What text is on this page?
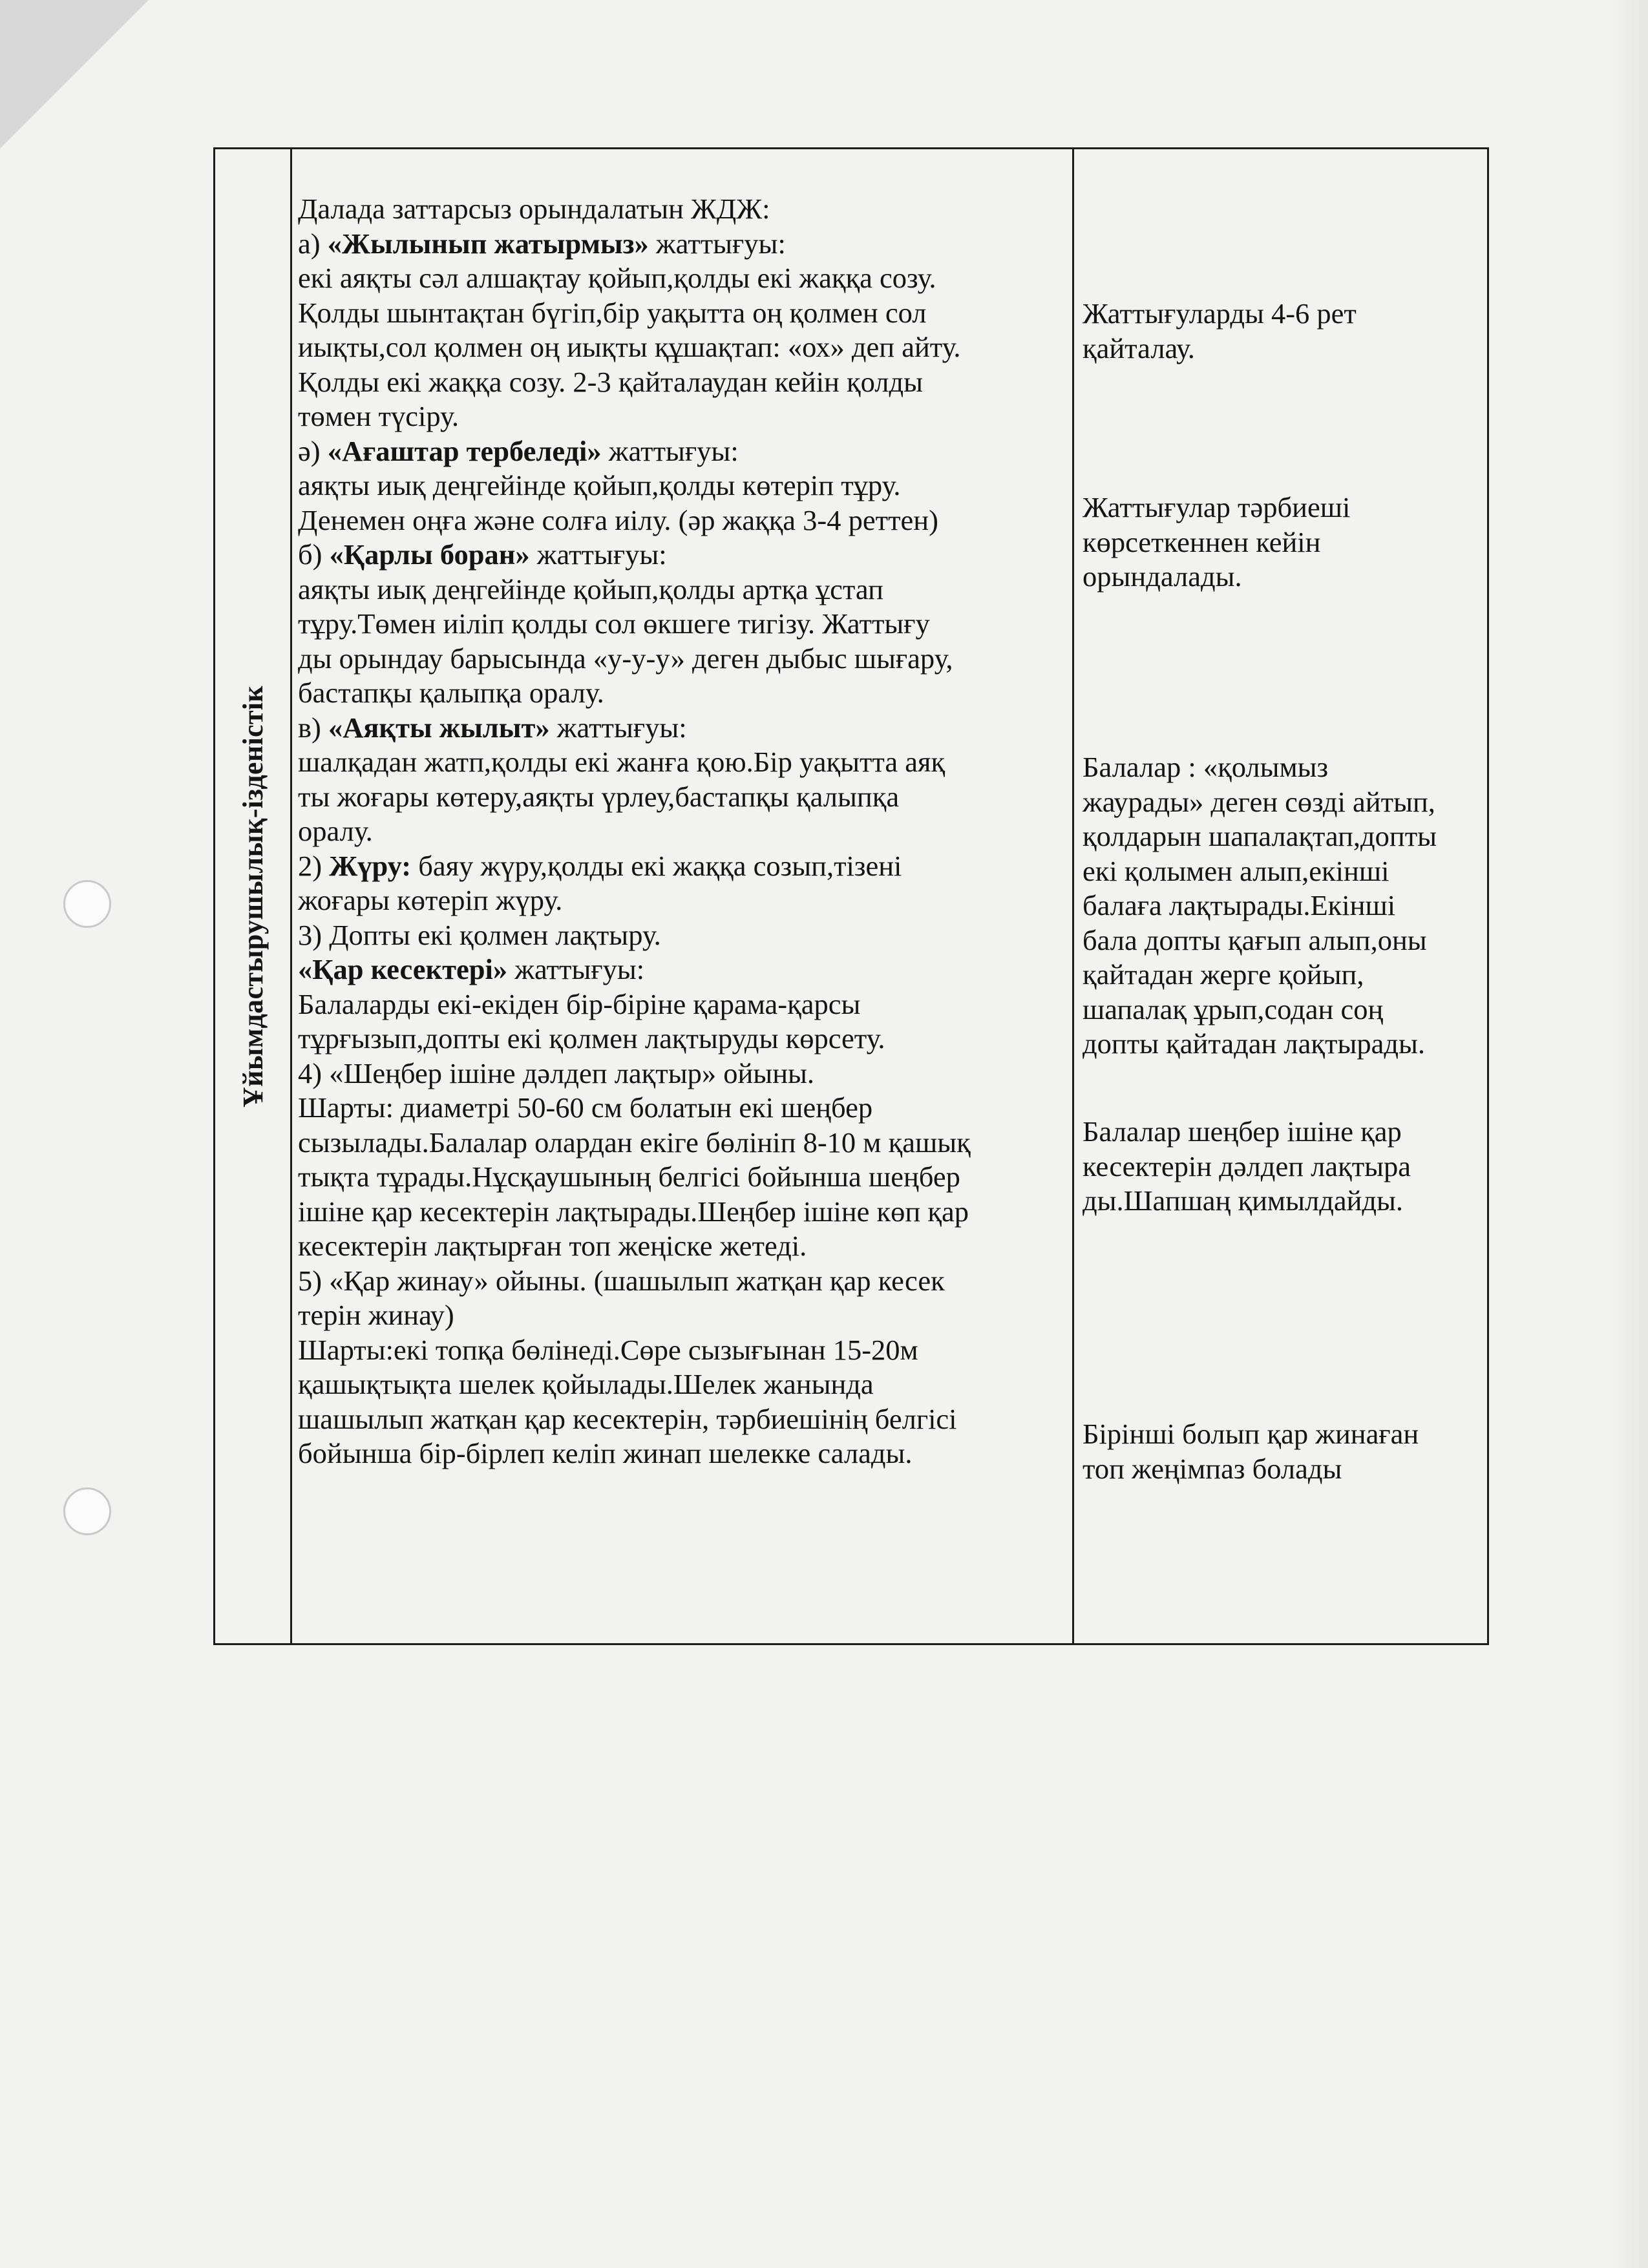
Ұйымдастырушылық-ізденістік
Далада заттарсыз орындалатын ЖДЖ:
а) «Жылынып жатырмыз» жаттығуы:
екі аяқты сәл алшақтау қойып,қолды екі жаққа созу.
Қолды шынтақтан бүгіп,бір уақытта оң қолмен сол
иықты,сол қолмен оң иықты құшақтап: «ох» деп айту.
Қолды екі жаққа созу. 2-3 қайталаудан кейін қолды
төмен түсіру.
ә) «Ағаштар тербеледі» жаттығуы:
аяқты иық деңгейінде қойып,қолды көтеріп тұру.
Денемен оңға және солға иілу. (әр жаққа 3-4 реттен)
б) «Қарлы боран» жаттығуы:
аяқты иық деңгейінде қойып,қолды артқа ұстап
тұру.Төмен иіліп қолды сол өкшеге тигізу. Жаттығу
ды орындау барысында «у-у-у» деген дыбыс шығару,
бастапқы қалыпқа оралу.
в) «Аяқты жылыт» жаттығуы:
шалқадан жатп,қолды екі жанға қою.Бір уақытта аяқ
ты жоғары көтеру,аяқты үрлеу,бастапқы қалыпқа
оралу.
2) Жүру: баяу жүру,қолды екі жаққа созып,тізені
жоғары көтеріп жүру.
3) Допты екі қолмен лақтыру.
«Қар кесектері» жаттығуы:
Балаларды екі-екіден бір-біріне қарама-қарсы
тұрғызып,допты екі қолмен лақтыруды көрсету.
4) «Шеңбер ішіне дәлдеп лақтыр» ойыны.
Шарты: диаметрі 50-60 см болатын екі шеңбер
сызылады.Балалар олардан екіге бөлініп 8-10 м қашық
тықта тұрады.Нұсқаушының белгісі бойынша шеңбер
ішіне қар кесектерін лақтырады.Шеңбер ішіне көп қар
кесектерін лақтырған топ жеңіске жетеді.
5) «Қар жинау» ойыны. (шашылып жатқан қар кесек
терін жинау)
Шарты:екі топқа бөлінеді.Сөре сызығынан 15-20м
қашықтықта шелек қойылады.Шелек жанында
шашылып жатқан қар кесектерін, тәрбиешінің белгісі
бойынша бір-бірлеп келіп жинап шелекке салады.
Жаттығуларды 4-6 рет
қайталау.
Жаттығулар тәрбиеші
көрсеткеннен кейін
орындалады.
Балалар : «қолымыз
жаурады» деген сөзді айтып,
қолдарын шапалақтап,допты
екі қолымен алып,екінші
балаға лақтырады.Екінші
бала допты қағып алып,оны
қайтадан жерге қойып,
шапалақ ұрып,содан соң
допты қайтадан лақтырады.
Балалар шеңбер ішіне қар
кесектерін дәлдеп лақтыра
ды.Шапшаң қимылдайды.
Бірінші болып қар жинаған
топ жеңімпаз болады
